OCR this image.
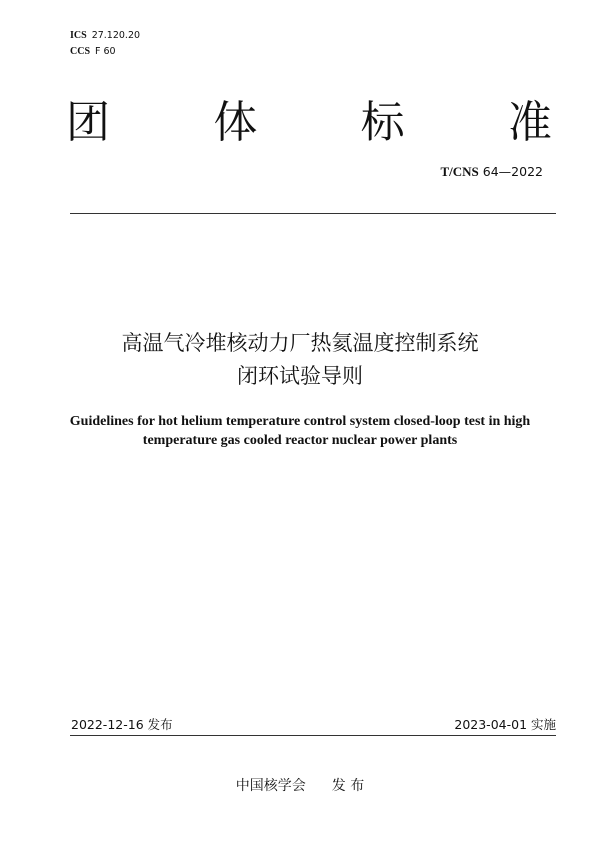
ICS 27.120.20
CCS F 60
团 体 标 准
T/CNS 64—2022
高温气冷堆核动力厂热氦温度控制系统
闭环试验导则
Guidelines for hot helium temperature control system closed-loop test in high
temperature gas cooled reactor nuclear power plants
2022-12-16 发布	2023-04-01 实施
中国核学会 发 布
